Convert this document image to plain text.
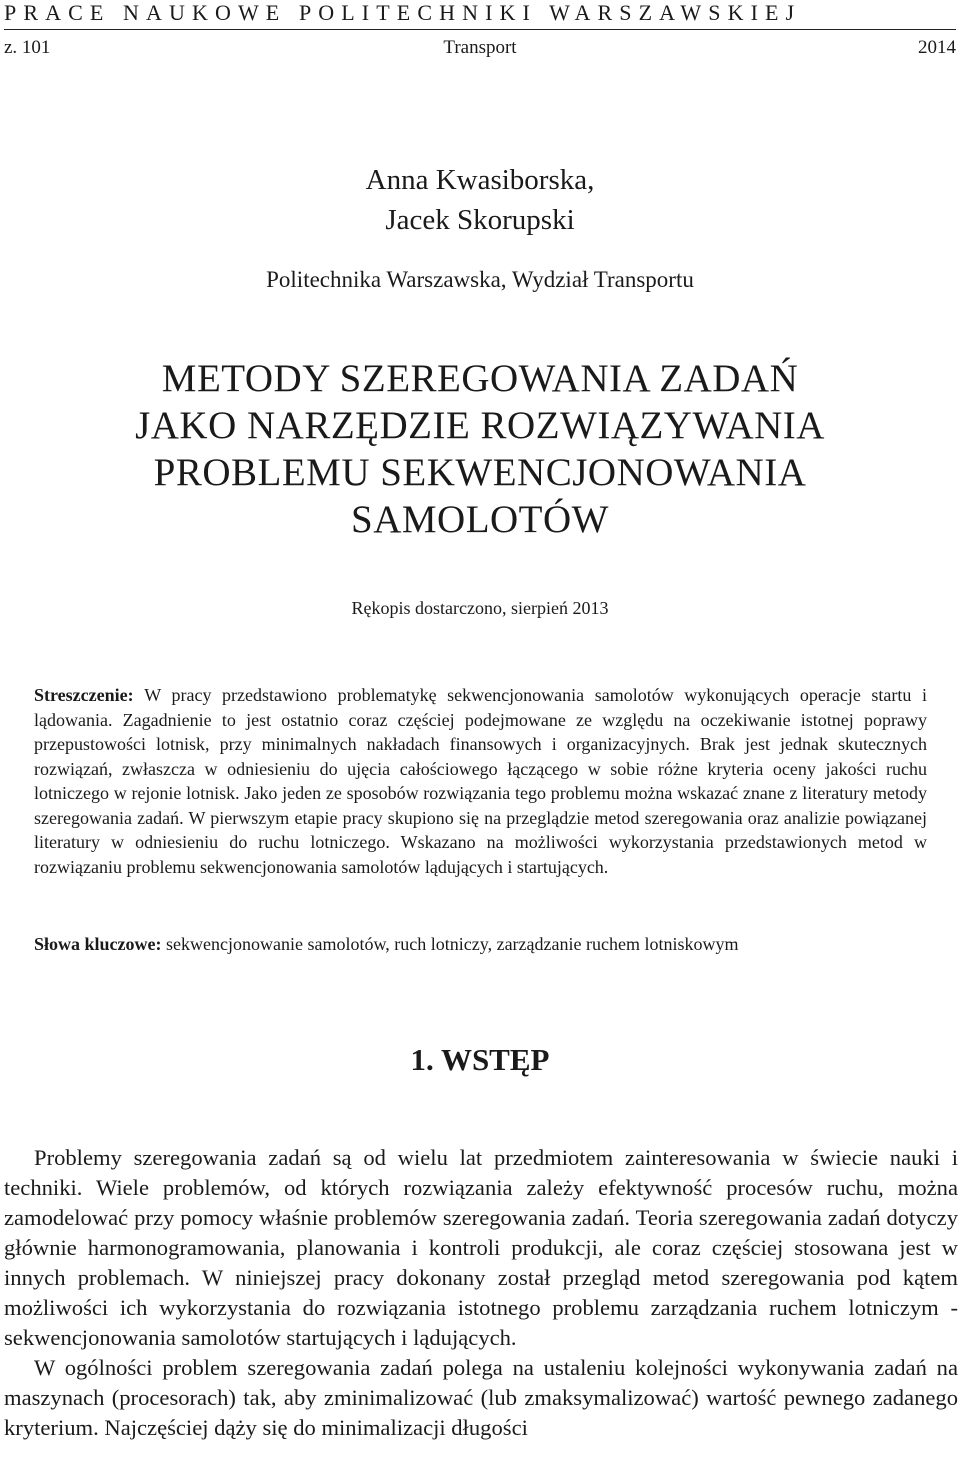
PRACE NAUKOWE POLITECHNIKI WARSZAWSKIEJ
z. 101	Transport	2014
Anna Kwasiborska,
Jacek Skorupski
Politechnika Warszawska, Wydział Transportu
METODY SZEREGOWANIA ZADAŃ
JAKO NARZĘDZIE ROZWIĄZYWANIA
PROBLEMU SEKWENCJONOWANIA
SAMOLOTÓW
Rękopis dostarczono, sierpień 2013
Streszczenie: W pracy przedstawiono problematykę sekwencjonowania samolotów wykonujących operacje startu i lądowania. Zagadnienie to jest ostatnio coraz częściej podejmowane ze względu na oczekiwanie istotnej poprawy przepustowości lotnisk, przy minimalnych nakładach finansowych i organizacyjnych. Brak jest jednak skutecznych rozwiązań, zwłaszcza w odniesieniu do ujęcia całościowego łączącego w sobie różne kryteria oceny jakości ruchu lotniczego w rejonie lotnisk. Jako jeden ze sposobów rozwiązania tego problemu można wskazać znane z literatury metody szeregowania zadań. W pierwszym etapie pracy skupiono się na przeglądzie metod szeregowania oraz analizie powiązanej literatury w odniesieniu do ruchu lotniczego. Wskazano na możliwości wykorzystania przedstawionych metod w rozwiązaniu problemu sekwencjonowania samolotów lądujących i startujących.
Słowa kluczowe: sekwencjonowanie samolotów, ruch lotniczy, zarządzanie ruchem lotniskowym
1. WSTĘP

Problemy szeregowania zadań są od wielu lat przedmiotem zainteresowania w świecie nauki i techniki. Wiele problemów, od których rozwiązania zależy efektywność procesów ruchu, można zamodelować przy pomocy właśnie problemów szeregowania zadań. Teoria szeregowania zadań dotyczy głównie harmonogramowania, planowania i kontroli produkcji, ale coraz częściej stosowana jest w innych problemach. W niniejszej pracy dokonany został przegląd metod szeregowania pod kątem możliwości ich wykorzystania do rozwiązania istotnego problemu zarządzania ruchem lotniczym - sekwencjonowania samolotów startujących i lądujących.

W ogólności problem szeregowania zadań polega na ustaleniu kolejności wykonywania zadań na maszynach (procesorach) tak, aby zminimalizować (lub zmaksymalizować) wartość pewnego zadanego kryterium. Najczęściej dąży się do minimalizacji długości
